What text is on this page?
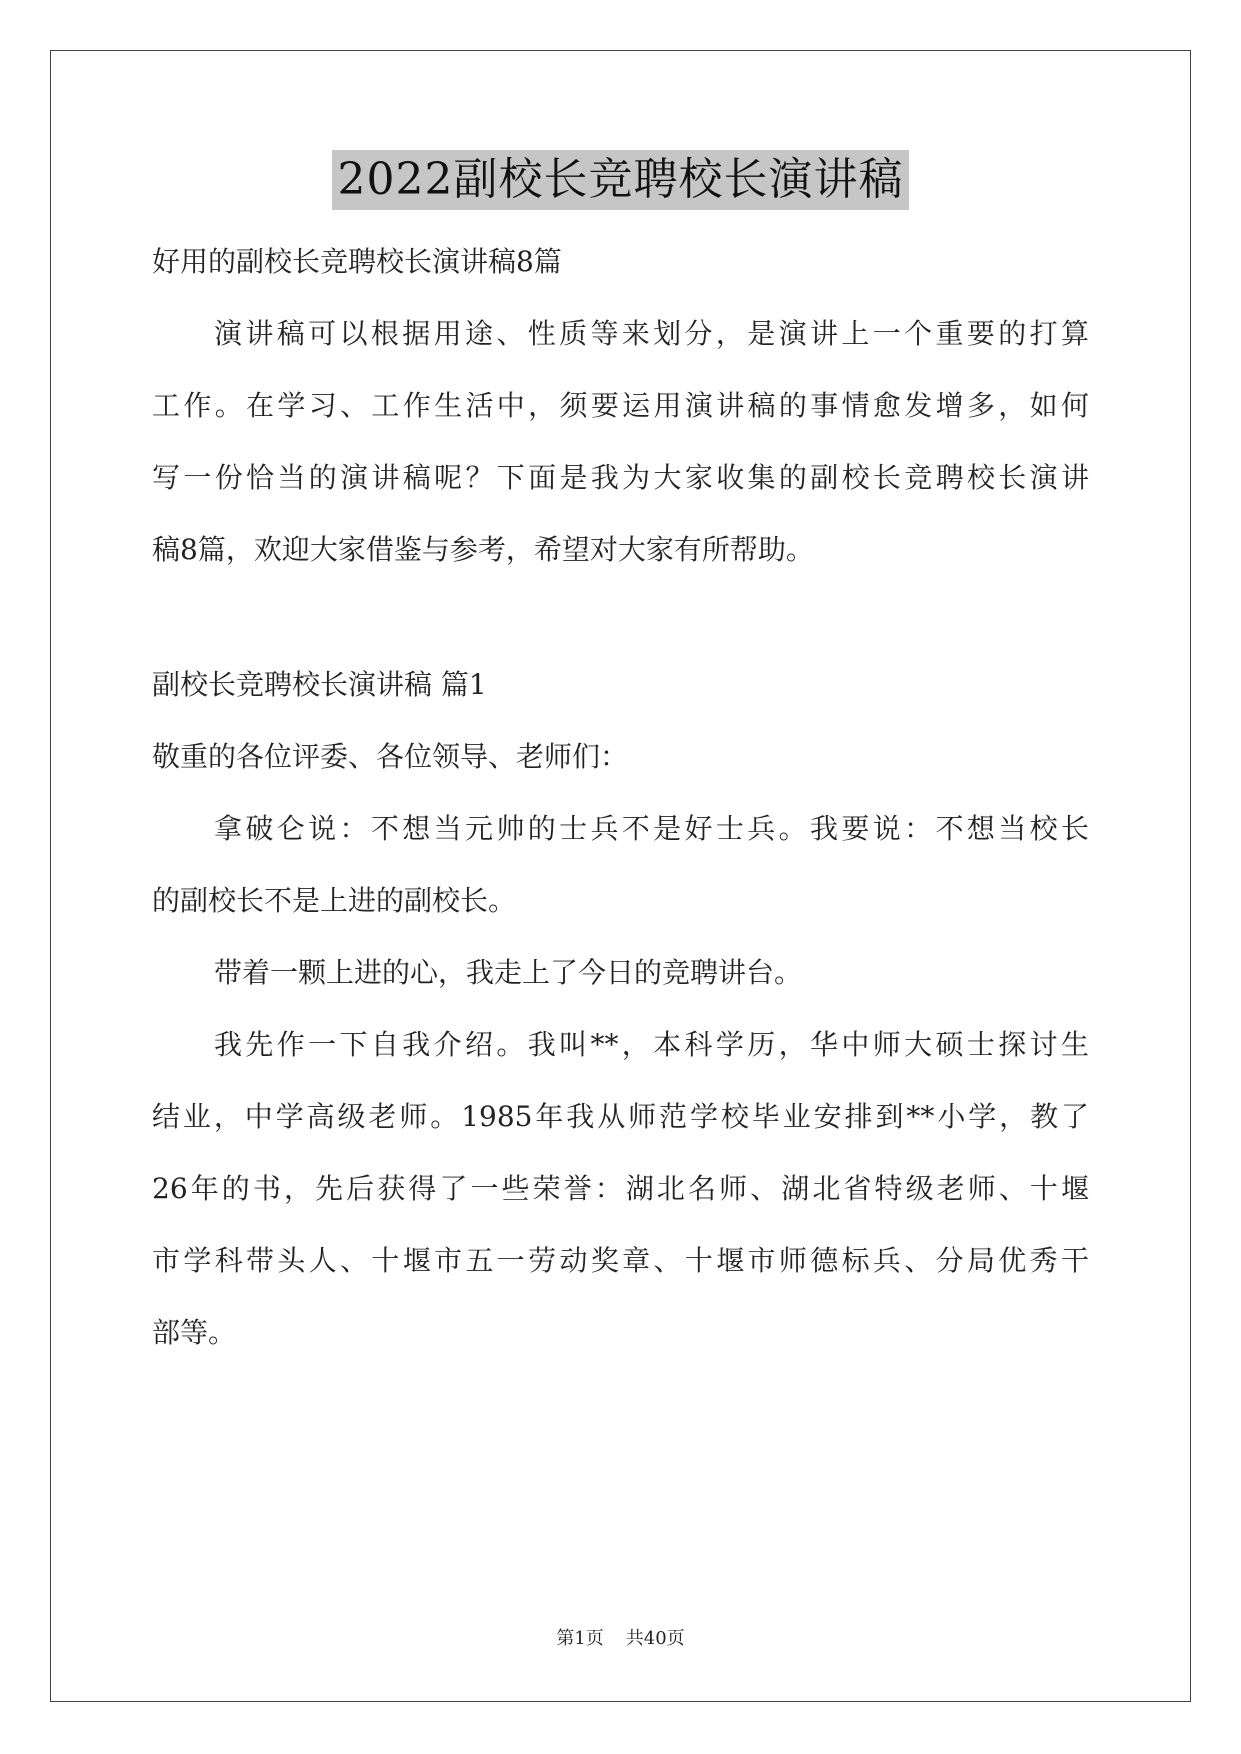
2022副校长竞聘校长演讲稿

好用的副校长竞聘校长演讲稿8篇

演讲稿可以根据用途、性质等来划分，是演讲上一个重要的打算

工作。在学习、工作生活中，须要运用演讲稿的事情愈发增多，如何

写一份恰当的演讲稿呢？下面是我为大家收集的副校长竞聘校长演讲

稿8篇，欢迎大家借鉴与参考，希望对大家有所帮助。

副校长竞聘校长演讲稿 篇1

敬重的各位评委、各位领导、老师们：

拿破仑说：不想当元帅的士兵不是好士兵。我要说：不想当校长

的副校长不是上进的副校长。

带着一颗上进的心，我走上了今日的竞聘讲台。

我先作一下自我介绍。我叫**，本科学历，华中师大硕士探讨生

结业，中学高级老师。1985年我从师范学校毕业安排到**小学，教了

26年的书，先后获得了一些荣誉：湖北名师、湖北省特级老师、十堰

市学科带头人、十堰市五一劳动奖章、十堰市师德标兵、分局优秀干

部等。

第1页 共40页
